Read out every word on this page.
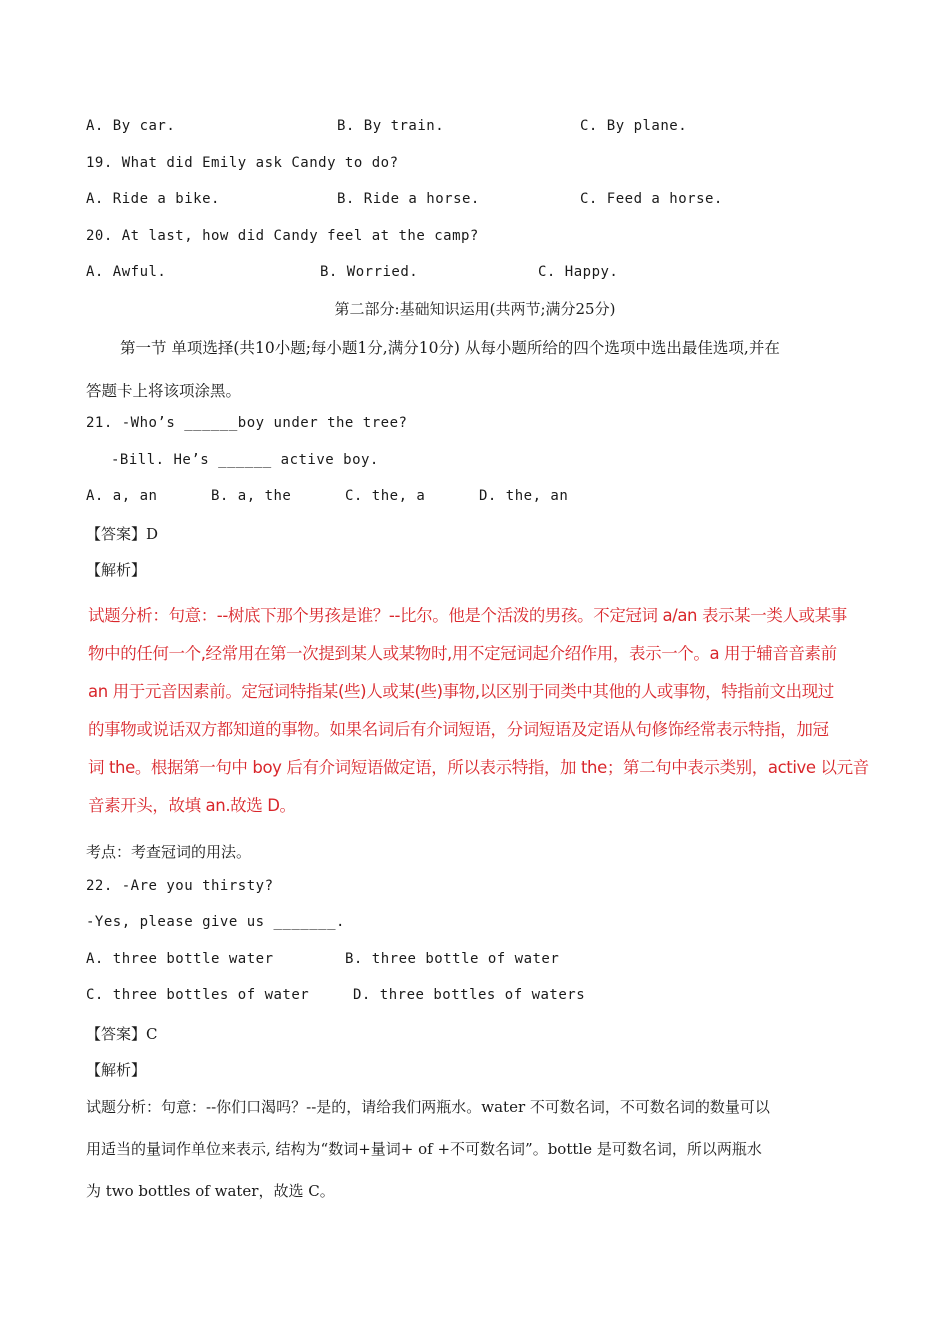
A. By car.	B. By train.	C. By plane.
19. What did Emily ask Candy to do?
A. Ride a bike.	B. Ride a horse.	C. Feed a horse.
20. At last, how did Candy feel at the camp?
A. Awful.	B. Worried.	C. Happy.
第二部分:基础知识运用(共两节;满分25分)
第一节 单项选择(共10小题;每小题1分,满分10分) 从每小题所给的四个选项中选出最佳选项,并在
答题卡上将该项涂黑。
21. -Who’s ______boy under the tree?
-Bill. He’s ______ active boy.
A. a, an	B. a, the	C. the, a	D. the, an
【答案】D
【解析】
试题分析：句意：--树底下那个男孩是谁？--比尔。他是个活泼的男孩。不定冠词 a/an 表示某一类人或某事
物中的任何一个,经常用在第一次提到某人或某物时,用不定冠词起介绍作用，表示一个。a 用于辅音音素前
an 用于元音因素前。定冠词特指某(些)人或某(些)事物,以区别于同类中其他的人或事物，特指前文出现过
的事物或说话双方都知道的事物。如果名词后有介词短语，分词短语及定语从句修饰经常表示特指，加冠
词 the。根据第一句中 boy 后有介词短语做定语，所以表示特指，加 the；第二句中表示类别，active 以元音
音素开头，故填 an.故选 D。
考点：考查冠词的用法。
22. -Are you thirsty?
-Yes, please give us _______.
A. three bottle water	B. three bottle of water
C. three bottles of water	D. three bottles of waters
【答案】C
【解析】
试题分析：句意：--你们口渴吗？--是的，请给我们两瓶水。water 不可数名词，不可数名词的数量可以
用适当的量词作单位来表示, 结构为“数词+量词+ of +不可数名词”。bottle 是可数名词，所以两瓶水
为 two bottles of water，故选 C。
